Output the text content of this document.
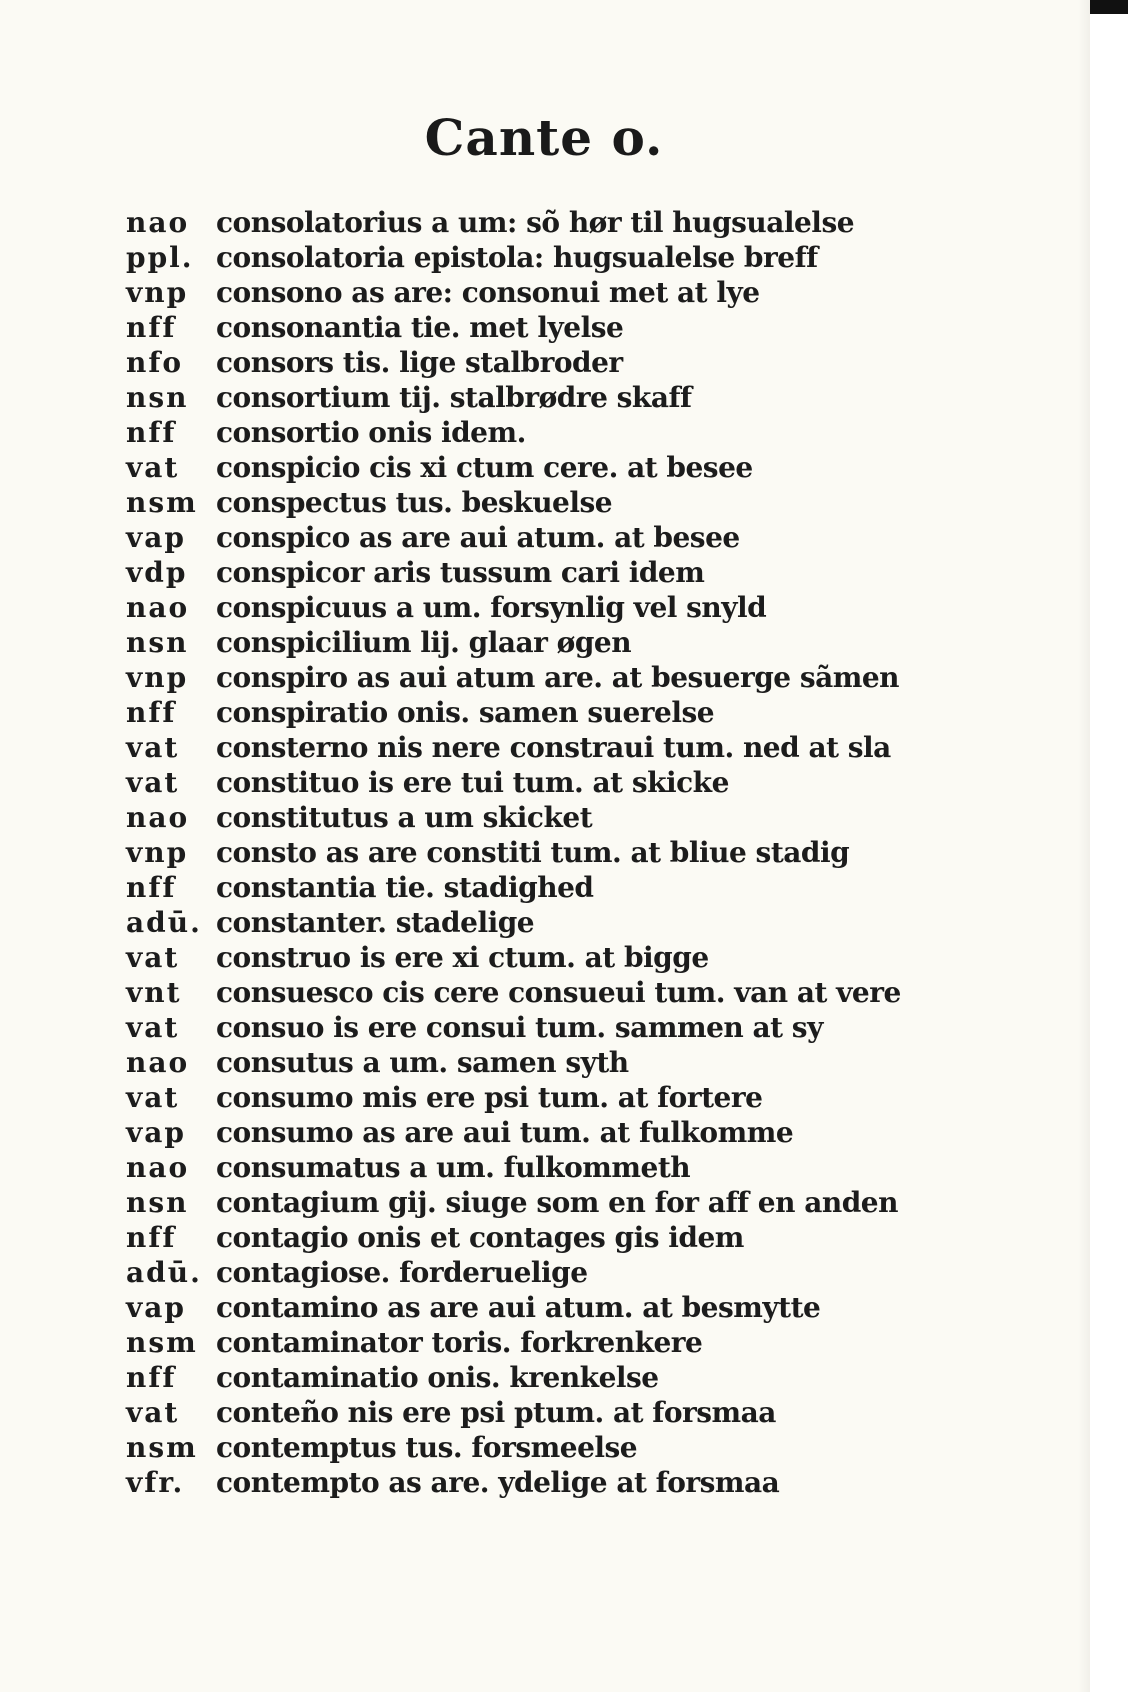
Cante o.
nao consolatorius a um: sõ hør til hugsualelse
ppl. consolatoria epistola: hugsualelse breff
vnp consono as are: consonui met at lye
nff	consonantia tie. met lyelse
nfo	consors tis. lige stalbroder
nsn consortium tij. stalbrødre skaff
nff	consortio onis idem.
vat	conspicio cis xi ctum cere. at besee
nsm conspectus tus. beskuelse
vap	conspico as are aui atum. at besee
vdp	conspicor aris tussum cari idem
nao conspicuus a um. forsynlig vel snyld
nsn conspicilium lij. glaar øgen
vnp conspiro as aui atum are. at besuerge sãmen
nff	conspiratio onis. samen suerelse
vat	consterno nis nere constraui tum. ned at sla
vat	constituo is ere tui tum. at skicke
nao constitutus a um skicket
vnp consto as are constiti tum. at bliue stadig
nff	constantia tie. stadighed
adū. constanter. stadelige
vat	construo is ere xi ctum. at bigge
vnt	consuesco cis cere consueui tum. van at vere
vat	consuo is ere consui tum. sammen at sy
nao consutus a um. samen syth
vat	consumo mis ere psi tum. at fortere
vap	consumo as are aui tum. at fulkomme
nao consumatus a um. fulkommeth
nsn contagium gij. siuge som en for aff en anden
nff	contagio onis et contages gis idem
adū. contagiose. forderuelige
vap	contamino as are aui atum. at besmytte
nsm contaminator toris. forkrenkere
nff	contaminatio onis. krenkelse
vat	conteño nis ere psi ptum. at forsmaa
nsm contemptus tus. forsmeelse
vfr.	contempto as are. ydelige at forsmaa
